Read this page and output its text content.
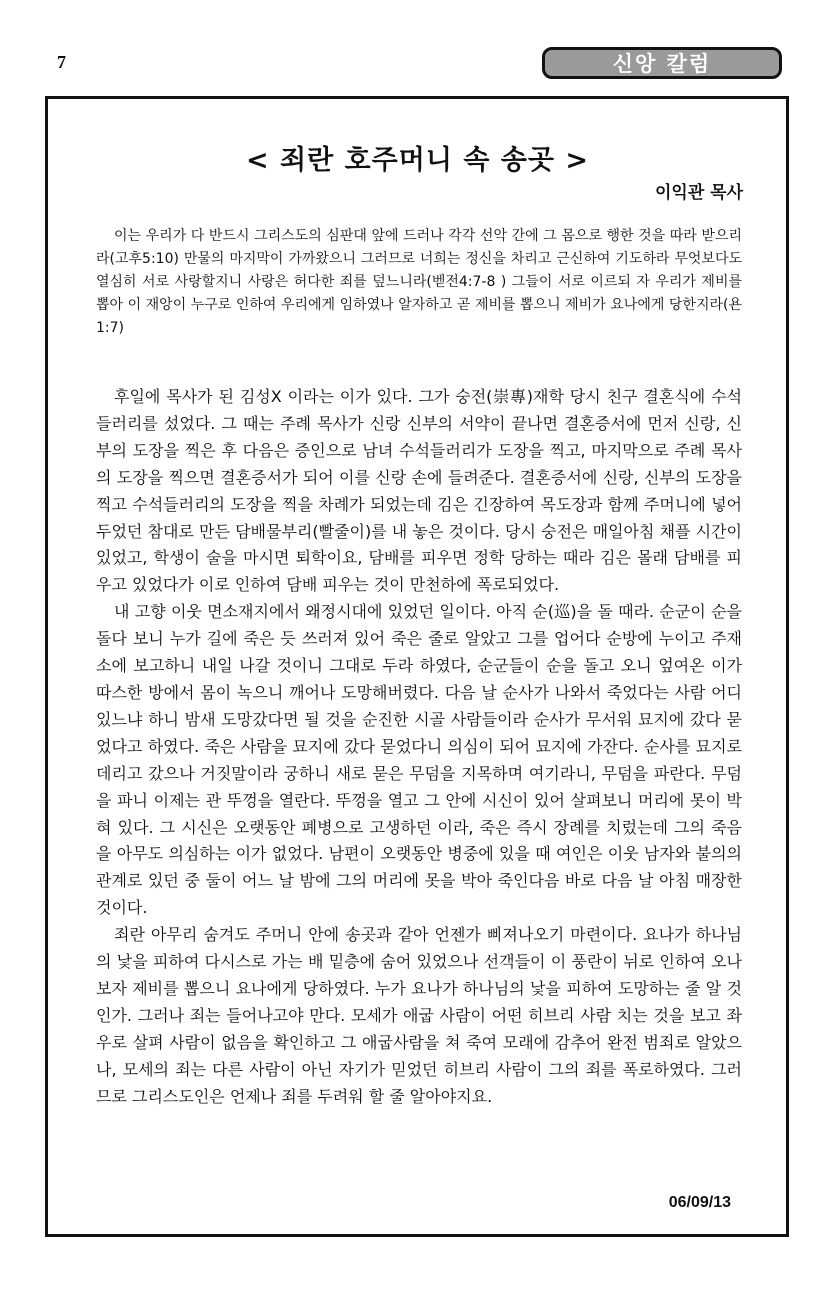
7	신앙 칼럼
< 죄란 호주머니 속 송곳 >
이익관 목사

이는 우리가 다 반드시 그리스도의 심판대 앞에 드러나 각각 선악 간에 그 몸으로 행한 것을 따라 받으리라(고후5:10) 만물의 마지막이 가까왔으니 그러므로 너희는 정신을 차리고 근신하여 기도하라 무엇보다도 열심히 서로 사랑할지니 사랑은 허다한 죄를 덮느니라(벧전4:7-8 ) 그들이 서로 이르되 자 우리가 제비를 뽑아 이 재앙이 누구로 인하여 우리에게 임하였나 알자하고 곧 제비를 뽑으니 제비가 요나에게 당한지라(욘1:7)

후일에 목사가 된 김성X 이라는 이가 있다. 그가 숭전(崇專)재학 당시 친구 결혼식에 수석 들러리를 섰었다. 그 때는 주례 목사가 신랑 신부의 서약이 끝나면 결혼증서에 먼저 신랑, 신부의 도장을 찍은 후 다음은 증인으로 남녀 수석들러리가 도장을 찍고, 마지막으로 주례 목사의 도장을 찍으면 결혼증서가 되어 이를 신랑 손에 들려준다. 결혼증서에 신랑, 신부의 도장을 찍고 수석들러리의 도장을 찍을 차례가 되었는데 김은 긴장하여 목도장과 함께 주머니에 넣어 두었던 참대로 만든 담배물부리(빨줄이)를 내 놓은 것이다. 당시 숭전은 매일아침 채플 시간이 있었고, 학생이 술을 마시면 퇴학이요, 담배를 피우면 정학 당하는 때라 김은 몰래 담배를 피우고 있었다가 이로 인하여 담배 피우는 것이 만천하에 폭로되었다.

내 고향 이웃 면소재지에서 왜정시대에 있었던 일이다. 아직 순(巡)을 돌 때라. 순군이 순을 돌다 보니 누가 길에 죽은 듯 쓰러져 있어 죽은 줄로 알았고 그를 업어다 순방에 누이고 주재소에 보고하니 내일 나갈 것이니 그대로 두라 하였다, 순군들이 순을 돌고 오니 엎여온 이가 따스한 방에서 몸이 녹으니 깨어나 도망해버렸다. 다음 날 순사가 나와서 죽었다는 사람 어디 있느냐 하니 밤새 도망갔다면 될 것을 순진한 시골 사람들이라 순사가 무서워 묘지에 갔다 묻었다고 하였다. 죽은 사람을 묘지에 갔다 묻었다니 의심이 되어 묘지에 가잔다. 순사를 묘지로 데리고 갔으나 거짓말이라 궁하니 새로 묻은 무덤을 지목하며 여기라니, 무덤을 파란다. 무덤을 파니 이제는 관 뚜껑을 열란다. 뚜껑을 열고 그 안에 시신이 있어 살펴보니 머리에 못이 박혀 있다. 그 시신은 오랫동안 폐병으로 고생하던 이라, 죽은 즉시 장례를 치렀는데 그의 죽음을 아무도 의심하는 이가 없었다. 남편이 오랫동안 병중에 있을 때 여인은 이웃 남자와 불의의 관계로 있던 중 둘이 어느 날 밤에 그의 머리에 못을 박아 죽인다음 바로 다음 날 아침 매장한 것이다.

죄란 아무리 숨겨도 주머니 안에 송곳과 같아 언젠가 삐져나오기 마련이다. 요나가 하나님의 낯을 피하여 다시스로 가는 배 밑층에 숨어 있었으나 선객들이 이 풍란이 뉘로 인하여 오나 보자 제비를 뽑으니 요나에게 당하였다. 누가 요나가 하나님의 낯을 피하여 도망하는 줄 알 것인가. 그러나 죄는 들어나고야 만다. 모세가 애굽 사람이 어떤 히브리 사람 치는 것을 보고 좌우로 살펴 사람이 없음을 확인하고 그 애굽사람을 쳐 죽여 모래에 감추어 완전 범죄로 알았으나, 모세의 죄는 다른 사람이 아닌 자기가 믿었던 히브리 사람이 그의 죄를 폭로하였다. 그러므로 그리스도인은 언제나 죄를 두려워 할 줄 알아야지요.

06/09/13
